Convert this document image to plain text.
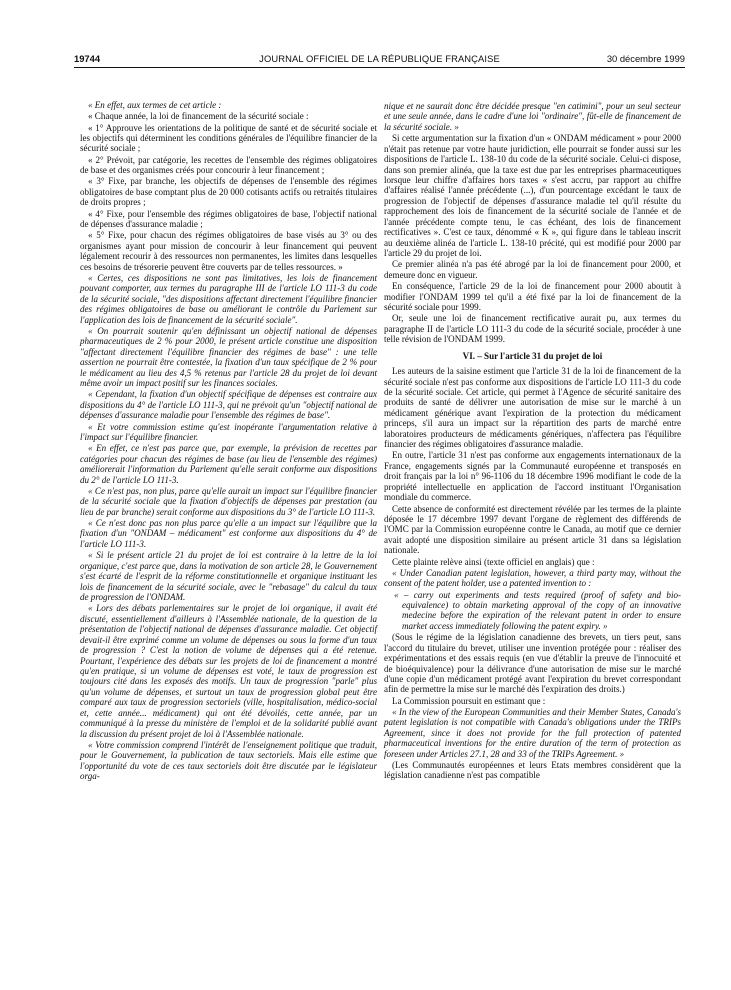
19744	JOURNAL OFFICIEL DE LA RÉPUBLIQUE FRANÇAISE	30 décembre 1999

« En effet, aux termes de cet article :

« Chaque année, la loi de financement de la sécurité sociale :

« 1° Approuve les orientations de la politique de santé et de sécurité sociale et les objectifs qui déterminent les conditions générales de l'équilibre financier de la sécurité sociale ;

« 2° Prévoit, par catégorie, les recettes de l'ensemble des régimes obligatoires de base et des organismes créés pour concourir à leur financement ;

« 3° Fixe, par branche, les objectifs de dépenses de l'ensemble des régimes obligatoires de base comptant plus de 20 000 cotisants actifs ou retraités titulaires de droits propres ;

« 4° Fixe, pour l'ensemble des régimes obligatoires de base, l'objectif national de dépenses d'assurance maladie ;

« 5° Fixe, pour chacun des régimes obligatoires de base visés au 3° ou des organismes ayant pour mission de concourir à leur financement qui peuvent légalement recourir à des ressources non permanentes, les limites dans lesquelles ces besoins de trésorerie peuvent être couverts par de telles ressources. »

« Certes, ces dispositions ne sont pas limitatives, les lois de financement pouvant comporter, aux termes du paragraphe III de l'article LO 111-3 du code de la sécurité sociale, "des dispositions affectant directement l'équilibre financier des régimes obligatoires de base ou améliorant le contrôle du Parlement sur l'application des lois de financement de la sécurité sociale".

« On pourrait soutenir qu'en définissant un objectif national de dépenses pharmaceutiques de 2 % pour 2000, le présent article constitue une disposition "affectant directement l'équilibre financier des régimes de base" : une telle assertion ne pourrait être contestée, la fixation d'un taux spécifique de 2 % pour le médicament au lieu des 4,5 % retenus par l'article 28 du projet de loi devant même avoir un impact positif sur les finances sociales.

« Cependant, la fixation d'un objectif spécifique de dépenses est contraire aux dispositions du 4° de l'article LO 111-3, qui ne prévoit qu'un "objectif national de dépenses d'assurance maladie pour l'ensemble des régimes de base".

« Et votre commission estime qu'est inopérante l'argumentation relative à l'impact sur l'équilibre financier.

« En effet, ce n'est pas parce que, par exemple, la prévision de recettes par catégories pour chacun des régimes de base (au lieu de l'ensemble des régimes) améliorerait l'information du Parlement qu'elle serait conforme aux dispositions du 2° de l'article LO 111-3.

« Ce n'est pas, non plus, parce qu'elle aurait un impact sur l'équilibre financier de la sécurité sociale que la fixation d'objectifs de dépenses par prestation (au lieu de par branche) serait conforme aux dispositions du 3° de l'article LO 111-3.

« Ce n'est donc pas non plus parce qu'elle a un impact sur l'équilibre que la fixation d'un "ONDAM – médicament" est conforme aux dispositions du 4° de l'article LO 111-3.

« Si le présent article 21 du projet de loi est contraire à la lettre de la loi organique, c'est parce que, dans la motivation de son article 28, le Gouvernement s'est écarté de l'esprit de la réforme constitutionnelle et organique instituant les lois de financement de la sécurité sociale, avec le "rebasage" du calcul du taux de progression de l'ONDAM.

« Lors des débats parlementaires sur le projet de loi organique, il avait été discuté, essentiellement d'ailleurs à l'Assemblée nationale, de la question de la présentation de l'objectif national de dépenses d'assurance maladie. Cet objectif devait-il être exprimé comme un volume de dépenses ou sous la forme d'un taux de progression ? C'est la notion de volume de dépenses qui a été retenue. Pourtant, l'expérience des débats sur les projets de loi de financement a montré qu'en pratique, si un volume de dépenses est voté, le taux de progression est toujours cité dans les exposés des motifs. Un taux de progression "parle" plus qu'un volume de dépenses, et surtout un taux de progression global peut être comparé aux taux de progression sectoriels (ville, hospitalisation, médico-social et, cette année... médicament) qui ont été dévoilés, cette année, par un communiqué à la presse du ministère de l'emploi et de la solidarité publié avant la discussion du présent projet de loi à l'Assemblée nationale.

« Votre commission comprend l'intérêt de l'enseignement politique que traduit, pour le Gouvernement, la publication de taux sectoriels. Mais elle estime que l'opportunité du vote de ces taux sectoriels doit être discutée par le législateur orga-

nique et ne saurait donc être décidée presque "en catimini", pour un seul secteur et une seule année, dans le cadre d'une loi "ordinaire", fût-elle de financement de la sécurité sociale. »

Si cette argumentation sur la fixation d'un « ONDAM médicament » pour 2000 n'était pas retenue par votre haute juridiction, elle pourrait se fonder aussi sur les dispositions de l'article L. 138-10 du code de la sécurité sociale. Celui-ci dispose, dans son premier alinéa, que la taxe est due par les entreprises pharmaceutiques lorsque leur chiffre d'affaires hors taxes « s'est accru, par rapport au chiffre d'affaires réalisé l'année précédente (...), d'un pourcentage excédant le taux de progression de l'objectif de dépenses d'assurance maladie tel qu'il résulte du rapprochement des lois de financement de la sécurité sociale de l'année et de l'année précédente compte tenu, le cas échéant, des lois de financement rectificatives ». C'est ce taux, dénommé « K », qui figure dans le tableau inscrit au deuxième alinéa de l'article L. 138-10 précité, qui est modifié pour 2000 par l'article 29 du projet de loi.

Ce premier alinéa n'a pas été abrogé par la loi de financement pour 2000, et demeure donc en vigueur.

En conséquence, l'article 29 de la loi de financement pour 2000 aboutit à modifier l'ONDAM 1999 tel qu'il a été fixé par la loi de financement de la sécurité sociale pour 1999.

Or, seule une loi de financement rectificative aurait pu, aux termes du paragraphe II de l'article LO 111-3 du code de la sécurité sociale, procéder à une telle révision de l'ONDAM 1999.

VI. – Sur l'article 31 du projet de loi

Les auteurs de la saisine estiment que l'article 31 de la loi de financement de la sécurité sociale n'est pas conforme aux dispositions de l'article LO 111-3 du code de la sécurité sociale. Cet article, qui permet à l'Agence de sécurité sanitaire des produits de santé de délivrer une autorisation de mise sur le marché à un médicament générique avant l'expiration de la protection du médicament princeps, s'il aura un impact sur la répartition des parts de marché entre laboratoires producteurs de médicaments génériques, n'affectera pas l'équilibre financier des régimes obligatoires d'assurance maladie.

En outre, l'article 31 n'est pas conforme aux engagements internationaux de la France, engagements signés par la Communauté européenne et transposés en droit français par la loi n° 96-1106 du 18 décembre 1996 modifiant le code de la propriété intellectuelle en application de l'accord instituant l'Organisation mondiale du commerce.

Cette absence de conformité est directement révélée par les termes de la plainte déposée le 17 décembre 1997 devant l'organe de règlement des différends de l'OMC par la Commission européenne contre le Canada, au motif que ce dernier avait adopté une disposition similaire au présent article 31 dans sa législation nationale.

Cette plainte relève ainsi (texte officiel en anglais) que :

« Under Canadian patent legislation, however, a third party may, without the consent of the patent holder, use a patented invention to :

« – carry out experiments and tests required (proof of safety and bio-equivalence) to obtain marketing approval of the copy of an innovative medecine before the expiration of the relevant patent in order to ensure market access immediately following the patent expiry. »

(Sous le régime de la législation canadienne des brevets, un tiers peut, sans l'accord du titulaire du brevet, utiliser une invention protégée pour : réaliser des expérimentations et des essais requis (en vue d'établir la preuve de l'innocuité et de bioéquivalence) pour la délivrance d'une autorisation de mise sur le marché d'une copie d'un médicament protégé avant l'expiration du brevet correspondant afin de permettre la mise sur le marché dès l'expiration des droits.)

La Commission poursuit en estimant que :

« In the view of the European Communities and their Member States, Canada's patent legislation is not compatible with Canada's obligations under the TRIPs Agreement, since it does not provide for the full protection of patented pharmaceutical inventions for the entire duration of the term of protection as foreseen under Articles 27.1, 28 and 33 of the TRIPs Agreement. »

(Les Communautés européennes et leurs Etats membres considèrent que la législation canadienne n'est pas compatible
